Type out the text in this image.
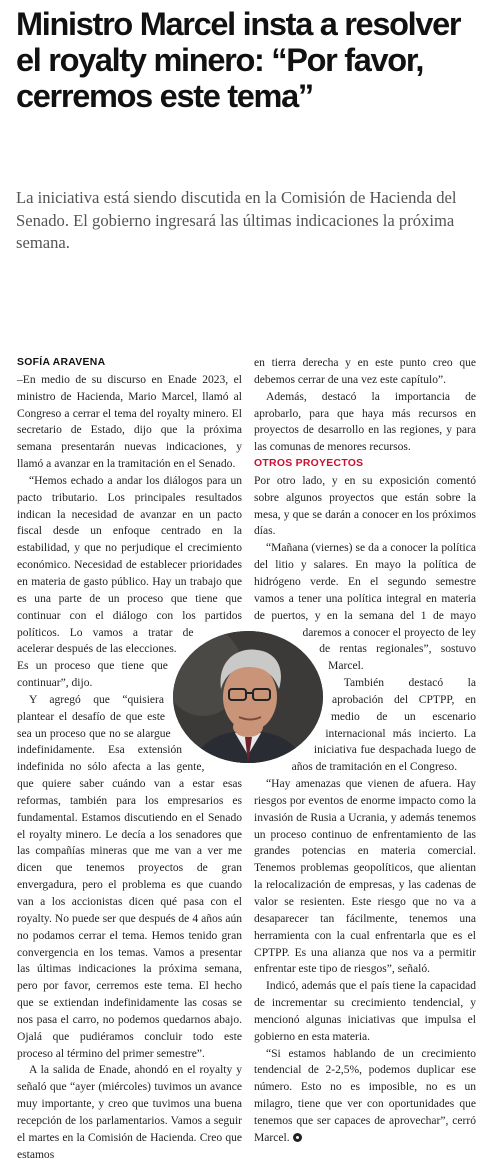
Ministro Marcel insta a resolver el royalty minero: “Por favor, cerremos este tema”

La iniciativa está siendo discutida en la Comisión de Hacienda del Senado. El gobierno ingresará las últimas indicaciones la próxima semana.

SOFÍA ARAVENA

–En medio de su discurso en Enade 2023, el ministro de Hacienda, Mario Marcel, llamó al Congreso a cerrar el tema del royalty minero. El secretario de Estado, dijo que la próxima semana presentarán nuevas indicaciones, y llamó a avanzar en la tramitación en el Senado.

“Hemos echado a andar los diálogos para un pacto tributario. Los principales resultados indican la necesidad de avanzar en un pacto fiscal desde un enfoque centrado en la estabilidad, y que no perjudique el crecimiento económico. Necesidad de establecer prioridades en materia de gasto público. Hay un trabajo que es una parte de un proceso que tiene que continuar con el diálogo con los partidos políticos. Lo vamos a tratar de acelerar después de las elecciones. Es un proceso que tiene que continuar”, dijo.

Y agregó que “quisiera plantear el desafío de que este sea un proceso que no se alargue indefinidamente. Esa extensión indefinida no sólo afecta a las gente, que quiere saber cuándo van a estar esas reformas, también para los empresarios es fundamental. Estamos discutiendo en el Senado el royalty minero. Le decía a los senadores que las compañías mineras que me van a ver me dicen que tenemos proyectos de gran envergadura, pero el problema es que cuando van a los accionistas dicen qué pasa con el royalty. No puede ser que después de 4 años aún no podamos cerrar el tema. Hemos tenido gran convergencia en los temas. Vamos a presentar las últimas indicaciones la próxima semana, pero por favor, cerremos este tema. El hecho que se extiendan indefinidamente las cosas se nos pasa el carro, no podemos quedarnos abajo. Ojalá que pudiéramos concluir todo este proceso al término del primer semestre”.

A la salida de Enade, ahondó en el royalty y señaló que “ayer (miércoles) tuvimos un avance muy importante, y creo que tuvimos una buena recepción de los parlamentarios. Vamos a seguir el martes en la Comisión de Hacienda. Creo que estamos

en tierra derecha y en este punto creo que debemos cerrar de una vez este capítulo”.

Además, destacó la importancia de aprobarlo, para que haya más recursos en proyectos de desarrollo en las regiones, y para las comunas de menores recursos.

OTROS PROYECTOS

Por otro lado, y en su exposición comentó sobre algunos proyectos que están sobre la mesa, y que se darán a conocer en los próximos días.

“Mañana (viernes) se da a conocer la política del litio y salares. En mayo la política de hidrógeno verde. En el segundo semestre vamos a tener una política integral en materia de puertos, y en la semana del 1 de mayo daremos a conocer el proyecto de ley de rentas regionales”, sostuvo Marcel.

También destacó la aprobación del CPTPP, en medio de un escenario internacional más incierto. La iniciativa fue despachada luego de años de tramitación en el Congreso.

“Hay amenazas que vienen de afuera. Hay riesgos por eventos de enorme impacto como la invasión de Rusia a Ucrania, y además tenemos un proceso continuo de enfrentamiento de las grandes potencias en materia comercial. Tenemos problemas geopolíticos, que alientan la relocalización de empresas, y las cadenas de valor se resienten. Este riesgo que no va a desaparecer tan fácilmente, tenemos una herramienta con la cual enfrentarla que es el CPTPP. Es una alianza que nos va a permitir enfrentar este tipo de riesgos”, señaló.

Indicó, además que el país tiene la capacidad de incrementar su crecimiento tendencial, y mencionó algunas iniciativas que impulsa el gobierno en esta materia.

“Si estamos hablando de un crecimiento tendencial de 2-2,5%, podemos duplicar ese número. Esto no es imposible, no es un milagro, tiene que ver con oportunidades que tenemos que ser capaces de aprovechar”, cerró Marcel.
